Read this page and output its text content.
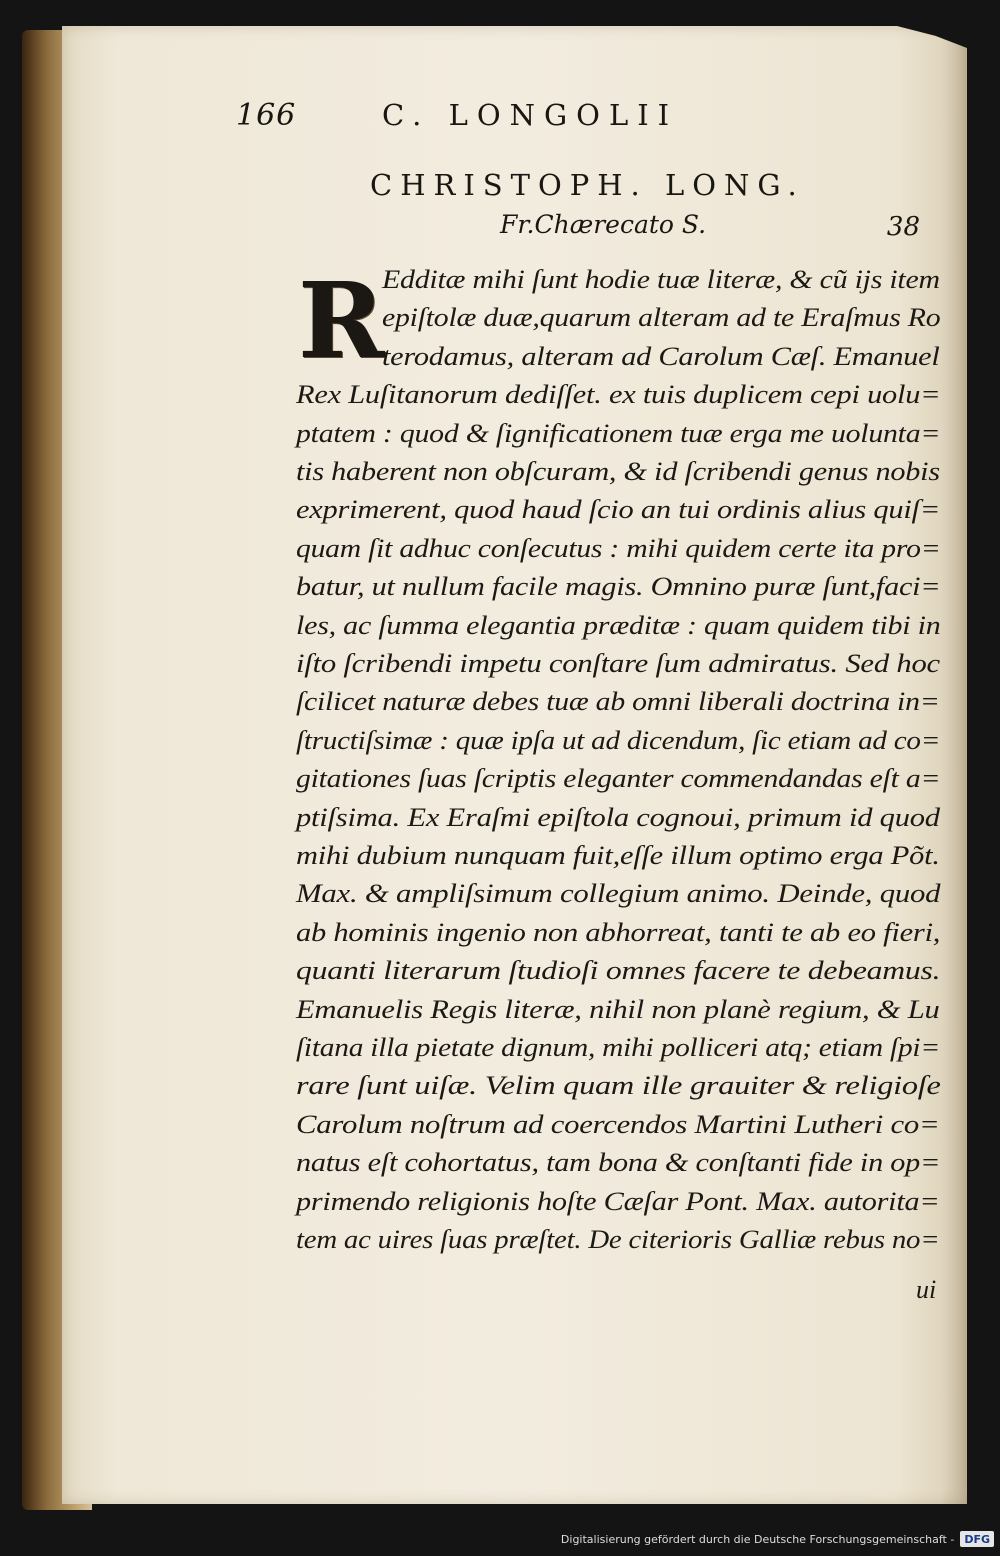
166	C. LONGOLII
CHRISTOPH. LONG.
Fr.Chærecato S.	38
R
Edditæ mihi ſunt hodie tuæ literæ, & cũ ijs item
epiſtolæ duæ,quarum alteram ad te Eraſmus Ro
terodamus, alteram ad Carolum Cæſ. Emanuel
Rex Luſitanorum dediſſet. ex tuis duplicem cepi uolu=
ptatem : quod & ſignificationem tuæ erga me uolunta=
tis haberent non obſcuram, & id ſcribendi genus nobis
exprimerent, quod haud ſcio an tui ordinis alius quiſ=
quam ſit adhuc conſecutus : mihi quidem certe ita pro=
batur, ut nullum facile magis. Omnino puræ ſunt,faci=
les, ac ſumma elegantia præditæ : quam quidem tibi in
iſto ſcribendi impetu conſtare ſum admiratus. Sed hoc
ſcilicet naturæ debes tuæ ab omni liberali doctrina in=
ſtructiſsimæ : quæ ipſa ut ad dicendum, ſic etiam ad co=
gitationes ſuas ſcriptis eleganter commendandas eſt a=
ptiſsima. Ex Eraſmi epiſtola cognoui, primum id quod
mihi dubium nunquam fuit,eſſe illum optimo erga Põt.
Max. & ampliſsimum collegium animo. Deinde, quod
ab hominis ingenio non abhorreat, tanti te ab eo fieri,
quanti literarum ſtudioſi omnes facere te debeamus.
Emanuelis Regis literæ, nihil non planè regium, & Lu
ſitana illa pietate dignum, mihi polliceri atq; etiam ſpi=
rare ſunt uiſæ. Velim quam ille grauiter & religioſe
Carolum noſtrum ad coercendos Martini Lutheri co=
natus eſt cohortatus, tam bona & conſtanti fide in op=
primendo religionis hoſte Cæſar Pont. Max. autorita=
tem ac uires ſuas præſtet. De citerioris Galliæ rebus no=
ui
Digitalisierung gefördert durch die Deutsche Forschungsgemeinschaft - DFG
